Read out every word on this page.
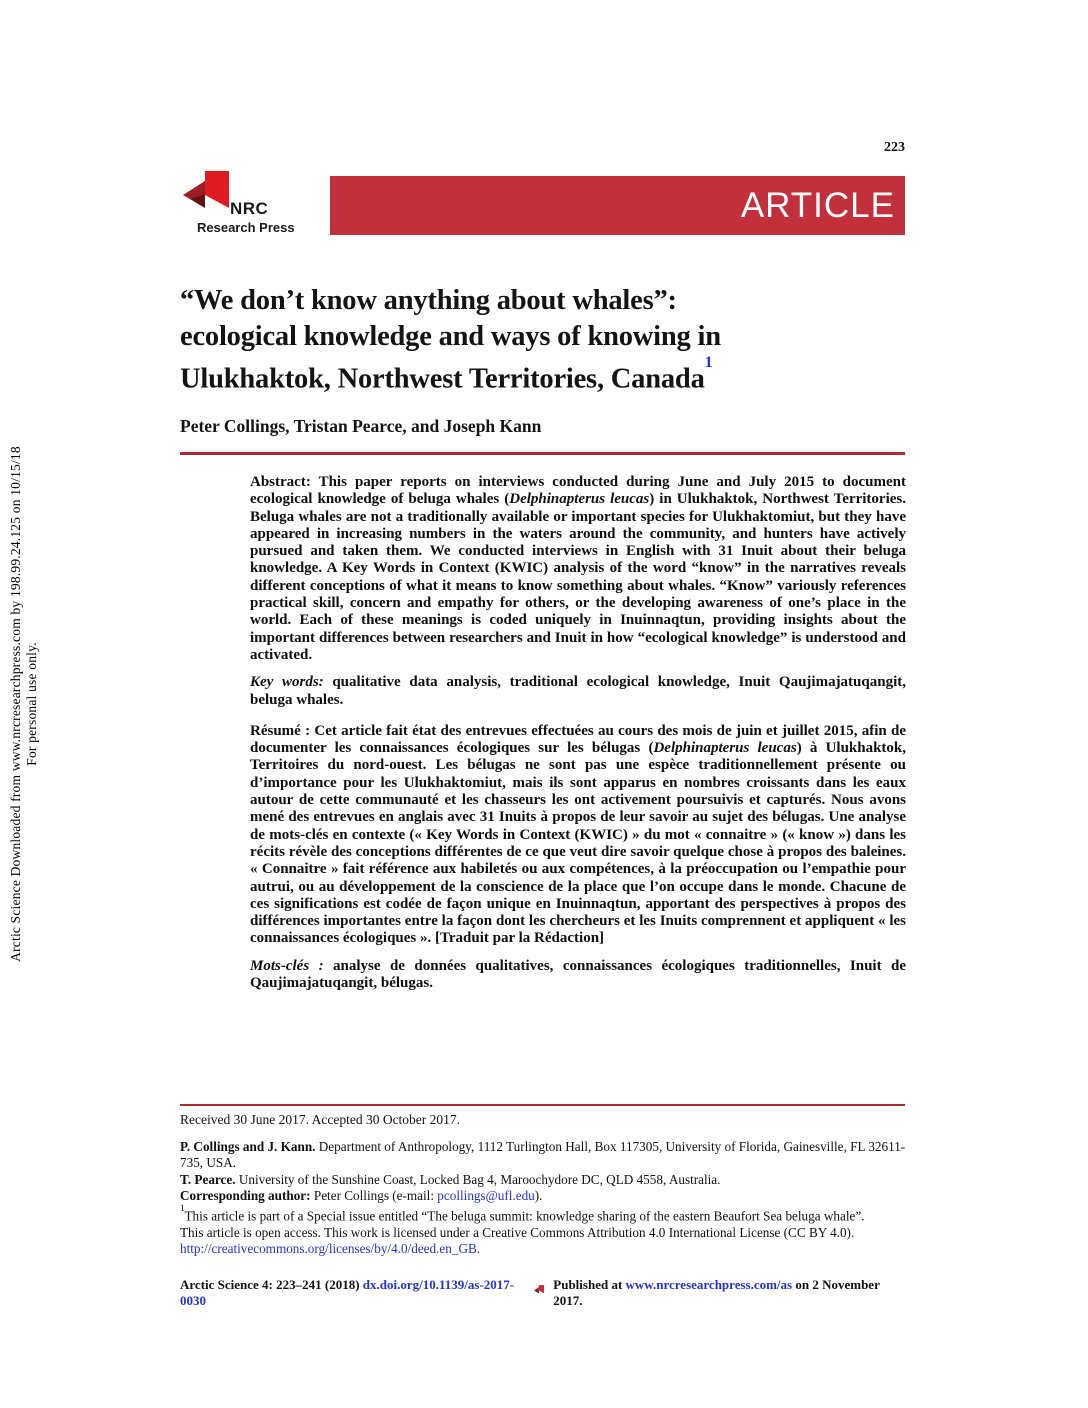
Arctic Science Downloaded from www.nrcresearchpress.com by 198.99.24.125 on 10/15/18 For personal use only.
223
NRC
Research Press
ARTICLE
“We don’t know anything about whales”:
ecological knowledge and ways of knowing in
Ulukhaktok, Northwest Territories, Canada$^1$
Peter Collings, Tristan Pearce, and Joseph Kann

Abstract: This paper reports on interviews conducted during June and July 2015 to document ecological knowledge of beluga whales (Delphinapterus leucas) in Ulukhaktok, Northwest Territories. Beluga whales are not a traditionally available or important species for Ulukhaktomiut, but they have appeared in increasing numbers in the waters around the community, and hunters have actively pursued and taken them. We conducted interviews in English with 31 Inuit about their beluga knowledge. A Key Words in Context (KWIC) analysis of the word “know” in the narratives reveals different conceptions of what it means to know something about whales. “Know” variously references practical skill, concern and empathy for others, or the developing awareness of one’s place in the world. Each of these meanings is coded uniquely in Inuinnaqtun, providing insights about the important differences between researchers and Inuit in how “ecological knowledge” is understood and activated.

Key words: qualitative data analysis, traditional ecological knowledge, Inuit Qaujimajatuqangit, beluga whales.

Résumé : Cet article fait état des entrevues effectuées au cours des mois de juin et juillet 2015, afin de documenter les connaissances écologiques sur les bélugas (Delphinapterus leucas) à Ulukhaktok, Territoires du nord-ouest. Les bélugas ne sont pas une espèce traditionnellement présente ou d’importance pour les Ulukhaktomiut, mais ils sont apparus en nombres croissants dans les eaux autour de cette communauté et les chasseurs les ont activement poursuivis et capturés. Nous avons mené des entrevues en anglais avec 31 Inuits à propos de leur savoir au sujet des bélugas. Une analyse de mots-clés en contexte (« Key Words in Context (KWIC) » du mot « connaitre » (« know ») dans les récits révèle des conceptions différentes de ce que veut dire savoir quelque chose à propos des baleines. « Connaitre » fait référence aux habiletés ou aux compétences, à la préoccupation ou l’empathie pour autrui, ou au développement de la conscience de la place que l’on occupe dans le monde. Chacune de ces significations est codée de façon unique en Inuinnaqtun, apportant des perspectives à propos des différences importantes entre la façon dont les chercheurs et les Inuits comprennent et appliquent « les connaissances écologiques ». [Traduit par la Rédaction]

Mots-clés : analyse de données qualitatives, connaissances écologiques traditionnelles, Inuit de Qaujimajatuqangit, bélugas.

Received 30 June 2017. Accepted 30 October 2017.

P. Collings and J. Kann. Department of Anthropology, 1112 Turlington Hall, Box 117305, University of Florida, Gainesville, FL 32611-735, USA.

T. Pearce. University of the Sunshine Coast, Locked Bag 4, Maroochydore DC, QLD 4558, Australia.

Corresponding author: Peter Collings (e-mail: pcollings@ufl.edu).

$^1$This article is part of a Special issue entitled “The beluga summit: knowledge sharing of the eastern Beaufort Sea beluga whale”.

This article is open access. This work is licensed under a Creative Commons Attribution 4.0 International License (CC BY 4.0). http://creativecommons.org/licenses/by/4.0/deed.en_GB.

Arctic Science 4: 223–241 (2018) dx.doi.org/10.1139/as-2017-0030
Published at www.nrcresearchpress.com/as on 2 November 2017.
